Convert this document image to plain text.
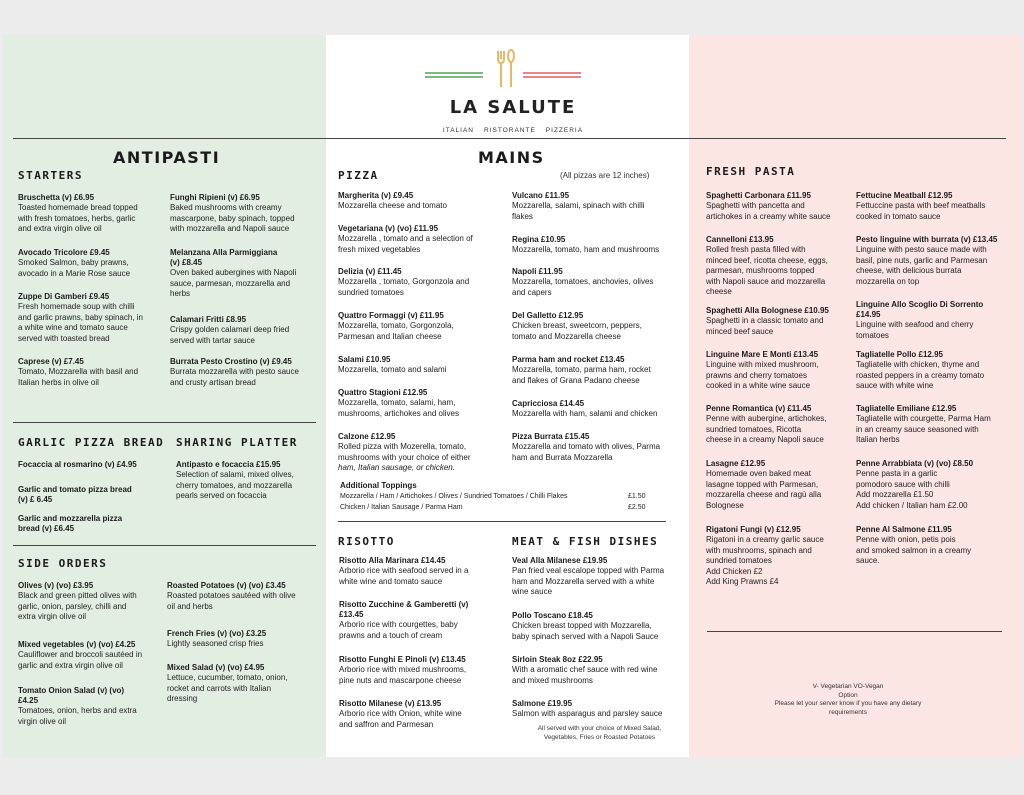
LA SALUTE
ITALIAN RISTORANTE PIZZERIA
ANTIPASTI	MAINS
STARTERS	PIZZA	(All pizzas are 12 inches)	FRESH PASTA
Bruschetta (v) £6.95
Toasted homemade bread topped
with fresh tomatoes, herbs, garlic
and extra virgin olive oil
Avocado Tricolore £9.45
Smoked Salmon, baby prawns,
avocado in a Marie Rose sauce
Zuppe Di Gamberi £9.45
Fresh homemade soup with chilli
and garlic prawns, baby spinach, in
a white wine and tomato sauce
served with toasted bread
Caprese (v) £7.45
Tomato, Mozzarella with basil and
Italian herbs in olive oil
Funghi Ripieni (v) £6.95
Baked mushrooms with creamy
mascarpone, baby spinach, topped
with mozzarella and Napoli sauce
Melanzana Alla Parmiggiana
(v) £8.45
Oven baked aubergines with Napoli
sauce, parmesan, mozzarella and
herbs
Calamari Fritti £8.95
Crispy golden calamari deep fried
served with tartar sauce
Burrata Pesto Crostino (v) £9.45
Burrata mozzarella with pesto sauce
and crusty artisan bread
GARLIC PIZZA BREAD
Focaccia al rosmarino (v) £4.95
Garlic and tomato pizza bread
(v) £ 6.45
Garlic and mozzarella pizza
bread (v) £6.45
SHARING PLATTER
Antipasto e focaccia £15.95
Selection of salami, mixed olives,
cherry tomatoes, and mozzarella
pearls served on focaccia
SIDE ORDERS
Olives (v) (vo) £3.95
Black and green pitted olives with
garlic, onion, parsley, chilli and
extra virgin olive oil
Mixed vegetables (v) (vo) £4.25
Cauliflower and broccoli sautéed in
garlic and extra virgin olive oil
Tomato Onion Salad (v) (vo)
£4.25
Tomatoes, onion, herbs and extra
virgin olive oil
Roasted Potatoes (v) (vo) £3.45
Roasted potatoes sautéed with olive
oil and herbs
French Fries (v) (vo) £3.25
Lightly seasoned crisp fries
Mixed Salad (v) (vo) £4.95
Lettuce, cucumber, tomato, onion,
rocket and carrots with Italian
dressing
Margherita (v) £9.45
Mozzarella cheese and tomato
Vegetariana (v) (vo) £11.95
Mozzarella , tomato and a selection of
fresh mixed vegetables
Delizia (v) £11.45
Mozzarella , tomato, Gorgonzola and
sundried tomatoes
Quattro Formaggi (v) £11.95
Mozzarella, tomato, Gorgonzola,
Parmesan and Italian cheese
Salami £10.95
Mozzarella, tomato and salami
Quattro Stagioni £12.95
Mozzarella, tomato, salami, ham,
mushrooms, artichokes and olives
Calzone £12.95
Rolled pizza with Mozerella, tomato,
mushrooms with your choice of either
ham, Italian sausage, or chicken.
Vulcano £11.95
Mozzarella, salami, spinach with chilli
flakes
Regina £10.95
Mozzarella, tomato, ham and mushrooms
Napoli £11.95
Mozzarella, tomatoes, anchovies, olives
and capers
Del Galletto £12.95
Chicken breast, sweetcorn, peppers,
tomato and Mozzarella cheese
Parma ham and rocket £13.45
Mozzarella, tomato, parma ham, rocket
and flakes of Grana Padano cheese
Capricciosa £14.45
Mozzarella with ham, salami and chicken
Pizza Burrata £15.45
Mozzarella and tomato with olives, Parma
ham and Burrata Mozzarella
Additional Toppings
Mozzarella / Ham / Artichokes / Olives / Sundried Tomatoes / Chilli Flakes	£1.50
Chicken / Italian Sausage / Parma Ham	£2.50
RISOTTO
Risotto Alla Marinara £14.45
Arborio rice with seafood served in a
white wine and tomato sauce
Risotto Zucchine & Gamberetti (v)
£13.45
Arborio rice with courgettes, baby
prawns and a touch of cream
Risotto Funghi E Pinoli (v) £13.45
Arborio rice with mixed mushrooms,
pine nuts and mascarpone cheese
Risotto Milanese (v) £13.95
Arborio rice with Onion, white wine
and saffron and Parmesan
MEAT & FISH DISHES
Veal Alla Milanese £19.95
Pan fried veal escalope topped with Parma
ham and Mozzarella served with a white
wine sauce
Pollo Toscano £18.45
Chicken breast topped with Mozzarella,
baby spinach served with a Napoli Sauce
Sirloin Steak 8oz £22.95
With a aromatic chef sauce with red wine
and mixed mushrooms
Salmone £19.95
Salmon with asparagus and parsley sauce
All served with your choice of Mixed Salad,
Vegetables, Fries or Roasted Potatoes
Spaghetti Carbonara £11.95
Spaghetti with pancetta and
artichokes in a creamy white sauce
Cannelloni £13.95
Rolled fresh pasta filled with
minced beef, ricotta cheese, eggs,
parmesan, mushrooms topped
with Napoli sauce and mozzarella
cheese
Spaghetti Alla Bolognese £10.95
Spaghetti in a classic tomato and
minced beef sauce
Linguine Mare E Monti £13.45
Linguine with mixed mushroom,
prawns and cherry tomatoes
cooked in a white wine sauce
Penne Romantica (v) £11.45
Penne with aubergine, artichokes,
sundried tomatoes, Ricotta
cheese in a creamy Napoli sauce
Lasagne £12.95
Homemade oven baked meat
lasagne topped with Parmesan,
mozzarella cheese and ragù alla
Bolognese
Rigatoni Fungi (v) £12.95
Rigatoni in a creamy garlic sauce
with mushrooms, spinach and
sundried tomatoes
Add Chicken £2
Add King Prawns £4
Fettucine Meatball £12.95
Fettuccine pasta with beef meatballs
cooked in tomato sauce
Pesto linguine with burrata (v) £13.45
Linguine with pesto sauce made with
basil, pine nuts, garlic and Parmesan
cheese, with delicious burrata
mozzarella on top
Linguine Allo Scoglio Di Sorrento
£14.95
Linguine with seafood and cherry
tomatoes
Tagliatelle Pollo £12.95
Tagliatelle with chicken, thyme and
roasted peppers in a creamy tomato
sauce with white wine
Tagliatelle Emiliane £12.95
Tagliatelle with courgette, Parma Ham
in an creamy sauce seasoned with
Italian herbs
Penne Arrabbiata (v) (vo) £8.50
Penne pasta in a garlic
pomodoro sauce with chilli
Add mozzarella £1.50
Add chicken / Italian ham £2.00
Penne Al Salmone £11.95
Penne with onion, petis pois
and smoked salmon in a creamy
sauce.
V- Vegetarian VO-Vegan
Option
Please let your server know if you have any dietary
requirements
